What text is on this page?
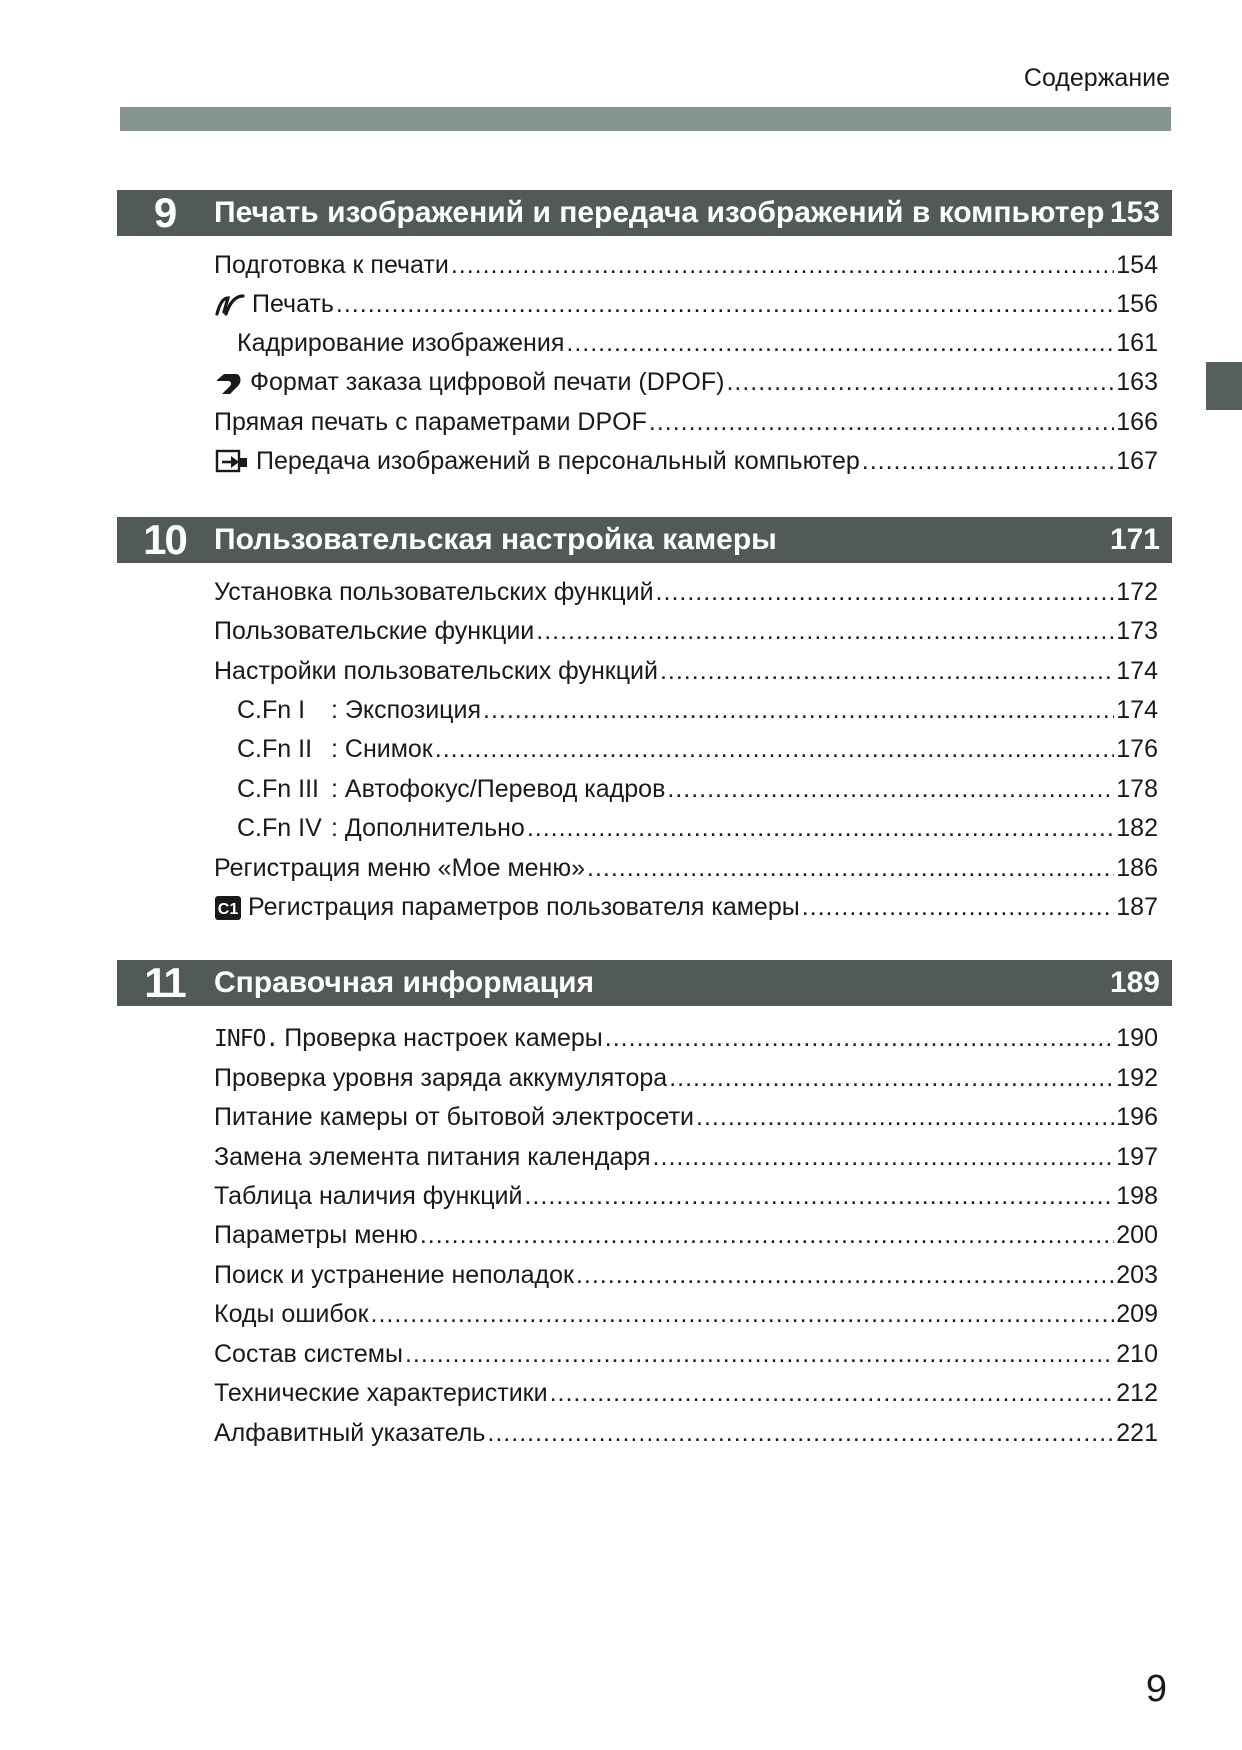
Содержание
9	Печать изображений и передача изображений в компьютер 153
Подготовка к печати .....	154
Печать .....	156
Кадрирование изображения .....	161
Формат заказа цифровой печати (DPOF) .....	163
Прямая печать с параметрами DPOF .....	166
Передача изображений в персональный компьютер .....	167
10 Пользовательская настройка камеры	171
Установка пользовательских функций .....	172
Пользовательские функции .....	173
Настройки пользовательских функций .....	174
C.Fn I : Экспозиция .....	174
C.Fn II : Снимок .....	176
C.Fn III : Автофокус/Перевод кадров .....	178
C.Fn IV : Дополнительно .....	182
Регистрация меню «Мое меню» .....	186
C1 Регистрация параметров пользователя камеры .....	187
11 Справочная информация	189
INFO. Проверка настроек камеры .....	190
Проверка уровня заряда аккумулятора .....	192
Питание камеры от бытовой электросети .....	196
Замена элемента питания календаря .....	197
Таблица наличия функций .....	198
Параметры меню .....	200
Поиск и устранение неполадок .....	203
Коды ошибок .....	209
Состав системы .....	210
Технические характеристики .....	212
Алфавитный указатель .....	221
9
